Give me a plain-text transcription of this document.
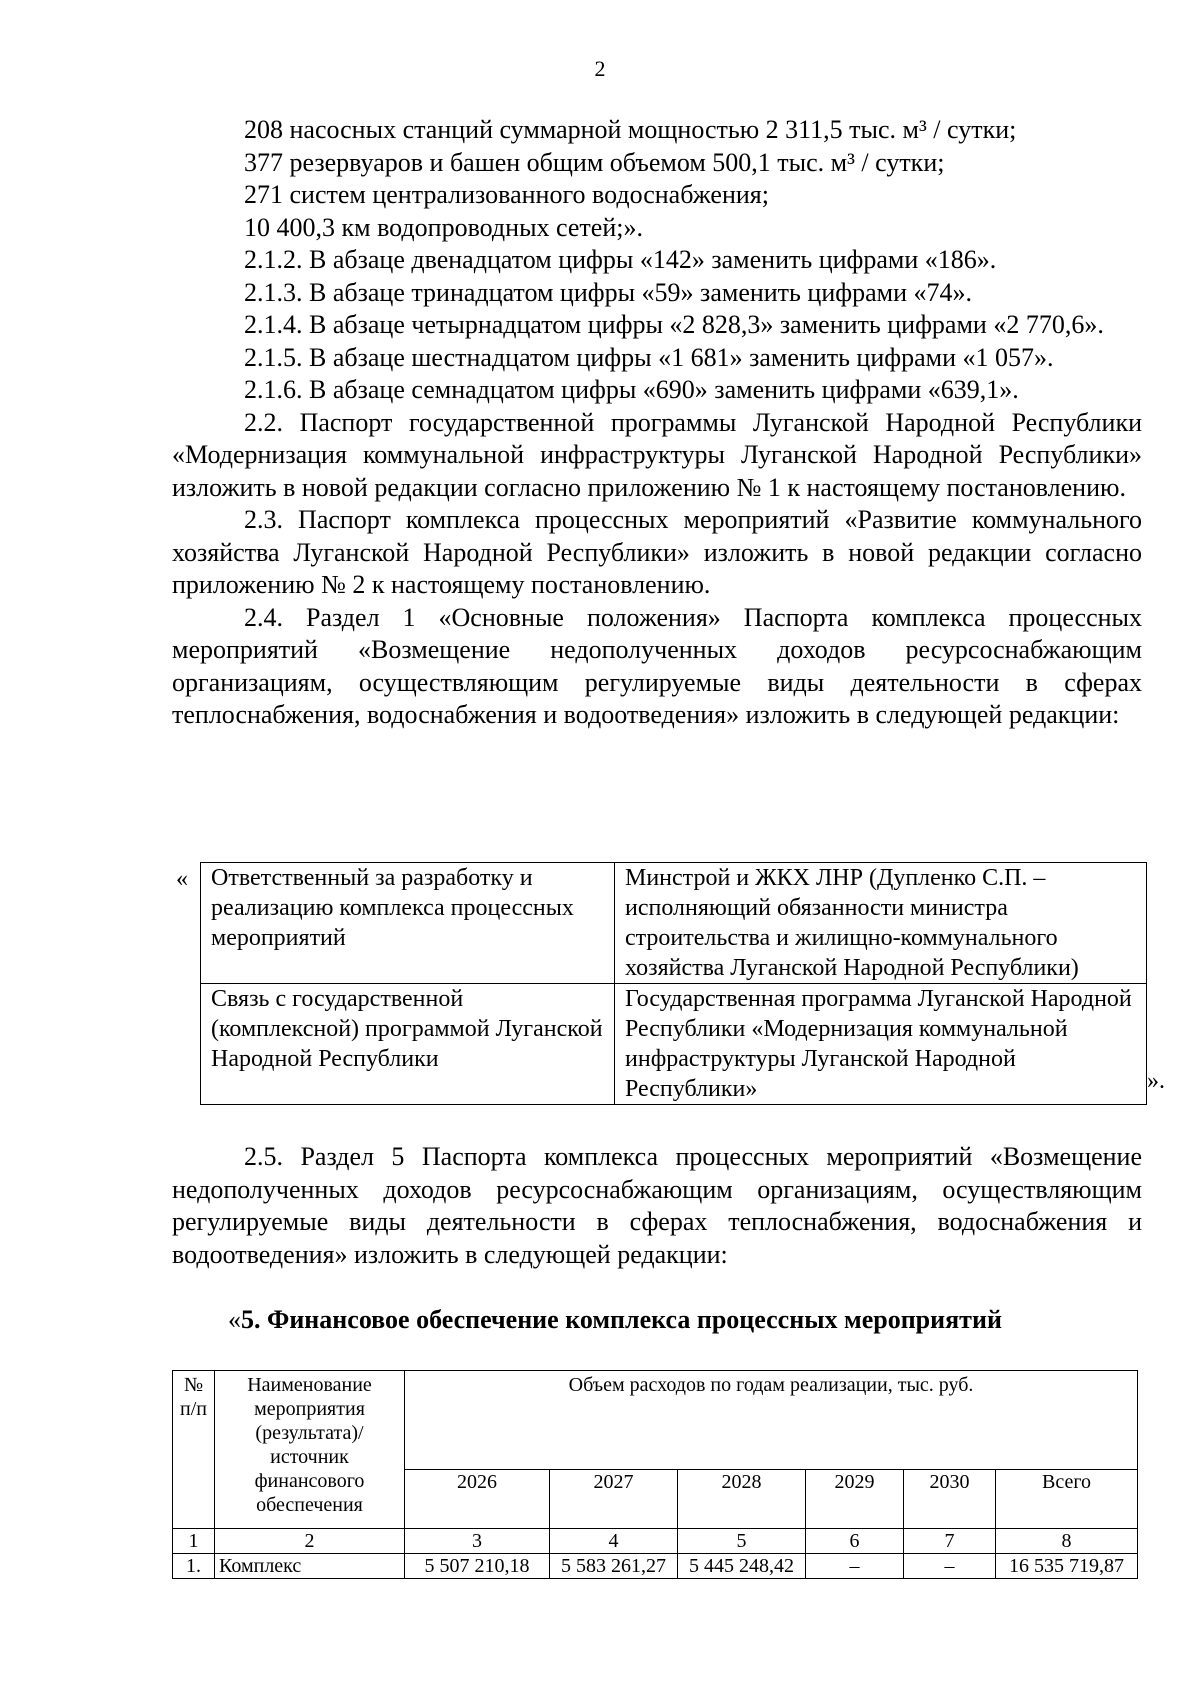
2

208 насосных станций суммарной мощностью 2 311,5 тыс. м³ / сутки;

377 резервуаров и башен общим объемом 500,1 тыс. м³ / сутки;

271 систем централизованного водоснабжения;

10 400,3 км водопроводных сетей;».

2.1.2. В абзаце двенадцатом цифры «142» заменить цифрами «186».

2.1.3. В абзаце тринадцатом цифры «59» заменить цифрами «74».

2.1.4. В абзаце четырнадцатом цифры «2 828,3» заменить цифрами «2 770,6».

2.1.5. В абзаце шестнадцатом цифры «1 681» заменить цифрами «1 057».

2.1.6. В абзаце семнадцатом цифры «690» заменить цифрами «639,1».

2.2. Паспорт государственной программы Луганской Народной Республики «Модернизация коммунальной инфраструктуры Луганской Народной Республики» изложить в новой редакции согласно приложению № 1 к настоящему постановлению.

2.3. Паспорт комплекса процессных мероприятий «Развитие коммунального хозяйства Луганской Народной Республики» изложить в новой редакции согласно приложению № 2 к настоящему постановлению.

2.4. Раздел 1 «Основные положения» Паспорта комплекса процессных мероприятий «Возмещение недополученных доходов ресурсоснабжающим организациям, осуществляющим регулируемые виды деятельности в сферах теплоснабжения, водоснабжения и водоотведения» изложить в следующей редакции:

« Ответственный за разработку и реализацию комплекса процессных мероприятий	Минстрой и ЖКХ ЛНР (Дупленко С.П. – исполняющий обязанности министра строительства и жилищно-коммунального хозяйства Луганской Народной Республики)
Связь с государственной (комплексной) программой Луганской Народной Республики	Государственная программа Луганской Народной Республики «Модернизация коммунальной инфраструктуры Луганской Народной Республики»	».

2.5. Раздел 5 Паспорта комплекса процессных мероприятий «Возмещение недополученных доходов ресурсоснабжающим организациям, осуществляющим регулируемые виды деятельности в сферах теплоснабжения, водоснабжения и водоотведения» изложить в следующей редакции:

«5. Финансовое обеспечение комплекса процессных мероприятий
№ п/п	Наименование мероприятия (результата)/ источник финансового обеспечения	Объем расходов по годам реализации, тыс. руб.					
		2026	2027	2028	2029	2030	Всего
1	2	3	4	5	6	7	8
1.	Комплекс	5 507 210,18	5 583 261,27	5 445 248,42	–	–	16 535 719,87
